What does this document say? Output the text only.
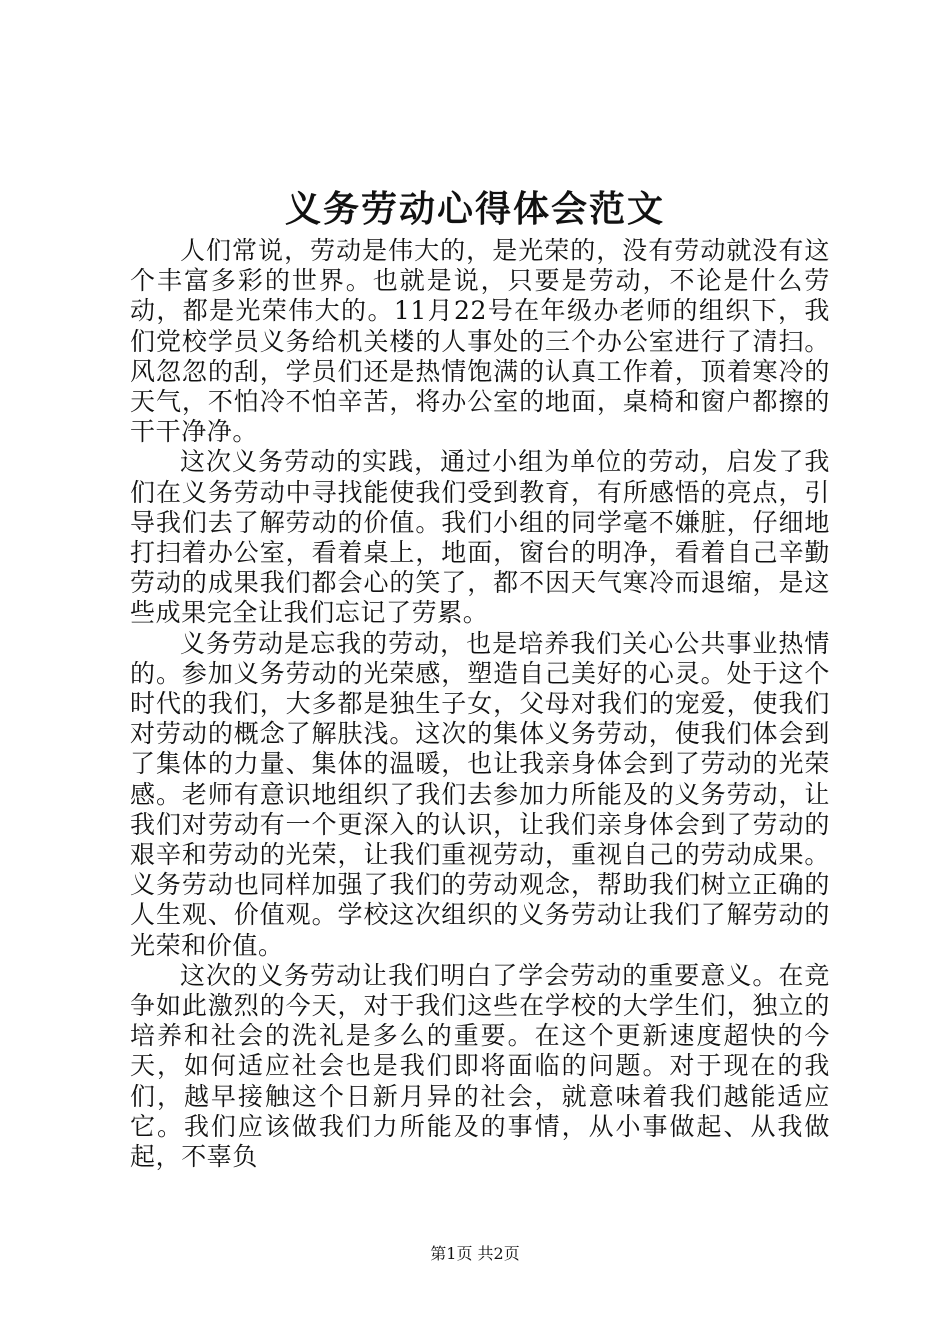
义务劳动心得体会范文

人们常说，劳动是伟大的，是光荣的，没有劳动就没有这个丰富多彩的世界。也就是说，只要是劳动，不论是什么劳动，都是光荣伟大的。11月22号在年级办老师的组织下，我们党校学员义务给机关楼的人事处的三个办公室进行了清扫。风忽忽的刮，学员们还是热情饱满的认真工作着，顶着寒冷的天气，不怕冷不怕辛苦，将办公室的地面，桌椅和窗户都擦的干干净净。

这次义务劳动的实践，通过小组为单位的劳动，启发了我们在义务劳动中寻找能使我们受到教育，有所感悟的亮点，引导我们去了解劳动的价值。我们小组的同学毫不嫌脏，仔细地打扫着办公室，看着桌上，地面，窗台的明净，看着自己辛勤劳动的成果我们都会心的笑了，都不因天气寒冷而退缩，是这些成果完全让我们忘记了劳累。

义务劳动是忘我的劳动，也是培养我们关心公共事业热情的。参加义务劳动的光荣感，塑造自己美好的心灵。处于这个时代的我们，大多都是独生子女，父母对我们的宠爱，使我们对劳动的概念了解肤浅。这次的集体义务劳动，使我们体会到了集体的力量、集体的温暖，也让我亲身体会到了劳动的光荣感。老师有意识地组织了我们去参加力所能及的义务劳动，让我们对劳动有一个更深入的认识，让我们亲身体会到了劳动的艰辛和劳动的光荣，让我们重视劳动，重视自己的劳动成果。义务劳动也同样加强了我们的劳动观念，帮助我们树立正确的人生观、价值观。学校这次组织的义务劳动让我们了解劳动的光荣和价值。

这次的义务劳动让我们明白了学会劳动的重要意义。在竞争如此激烈的今天，对于我们这些在学校的大学生们，独立的培养和社会的洗礼是多么的重要。在这个更新速度超快的今天，如何适应社会也是我们即将面临的问题。对于现在的我们，越早接触这个日新月异的社会，就意味着我们越能适应它。我们应该做我们力所能及的事情，从小事做起、从我做起，不辜负

第1页 共2页
